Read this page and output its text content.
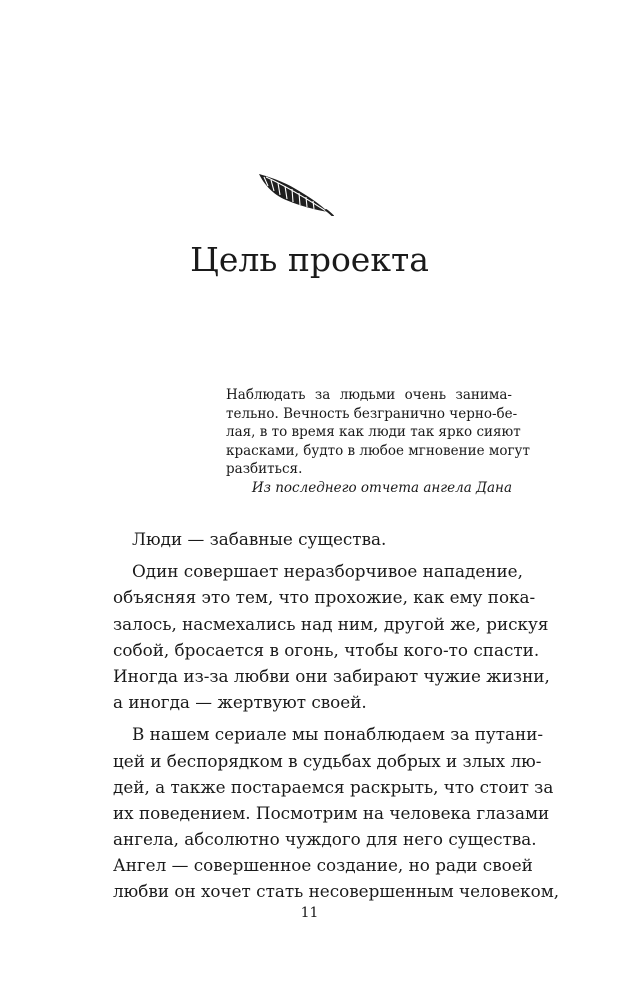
Цель проекта
Наблюдать за людьми очень занима-
тельно. Вечность безгранично черно-бе-
лая, в то время как люди так ярко сияют
красками, будто в любое мгновение могут
разбиться.
Из последнего отчета ангела Дана
Люди — забавные существа.
Один совершает неразборчивое нападение,
объясняя это тем, что прохожие, как ему пока-
залось, насмехались над ним, другой же, рискуя
собой, бросается в огонь, чтобы кого-то спасти.
Иногда из-за любви они забирают чужие жизни,
а иногда — жертвуют своей.
В нашем сериале мы понаблюдаем за путани-
цей и беспорядком в судьбах добрых и злых лю-
дей, а также постараемся раскрыть, что стоит за
их поведением. Посмотрим на человека глазами
ангела, абсолютно чуждого для него существа.
Ангел — совершенное создание, но ради своей
любви он хочет стать несовершенным человеком,
11
